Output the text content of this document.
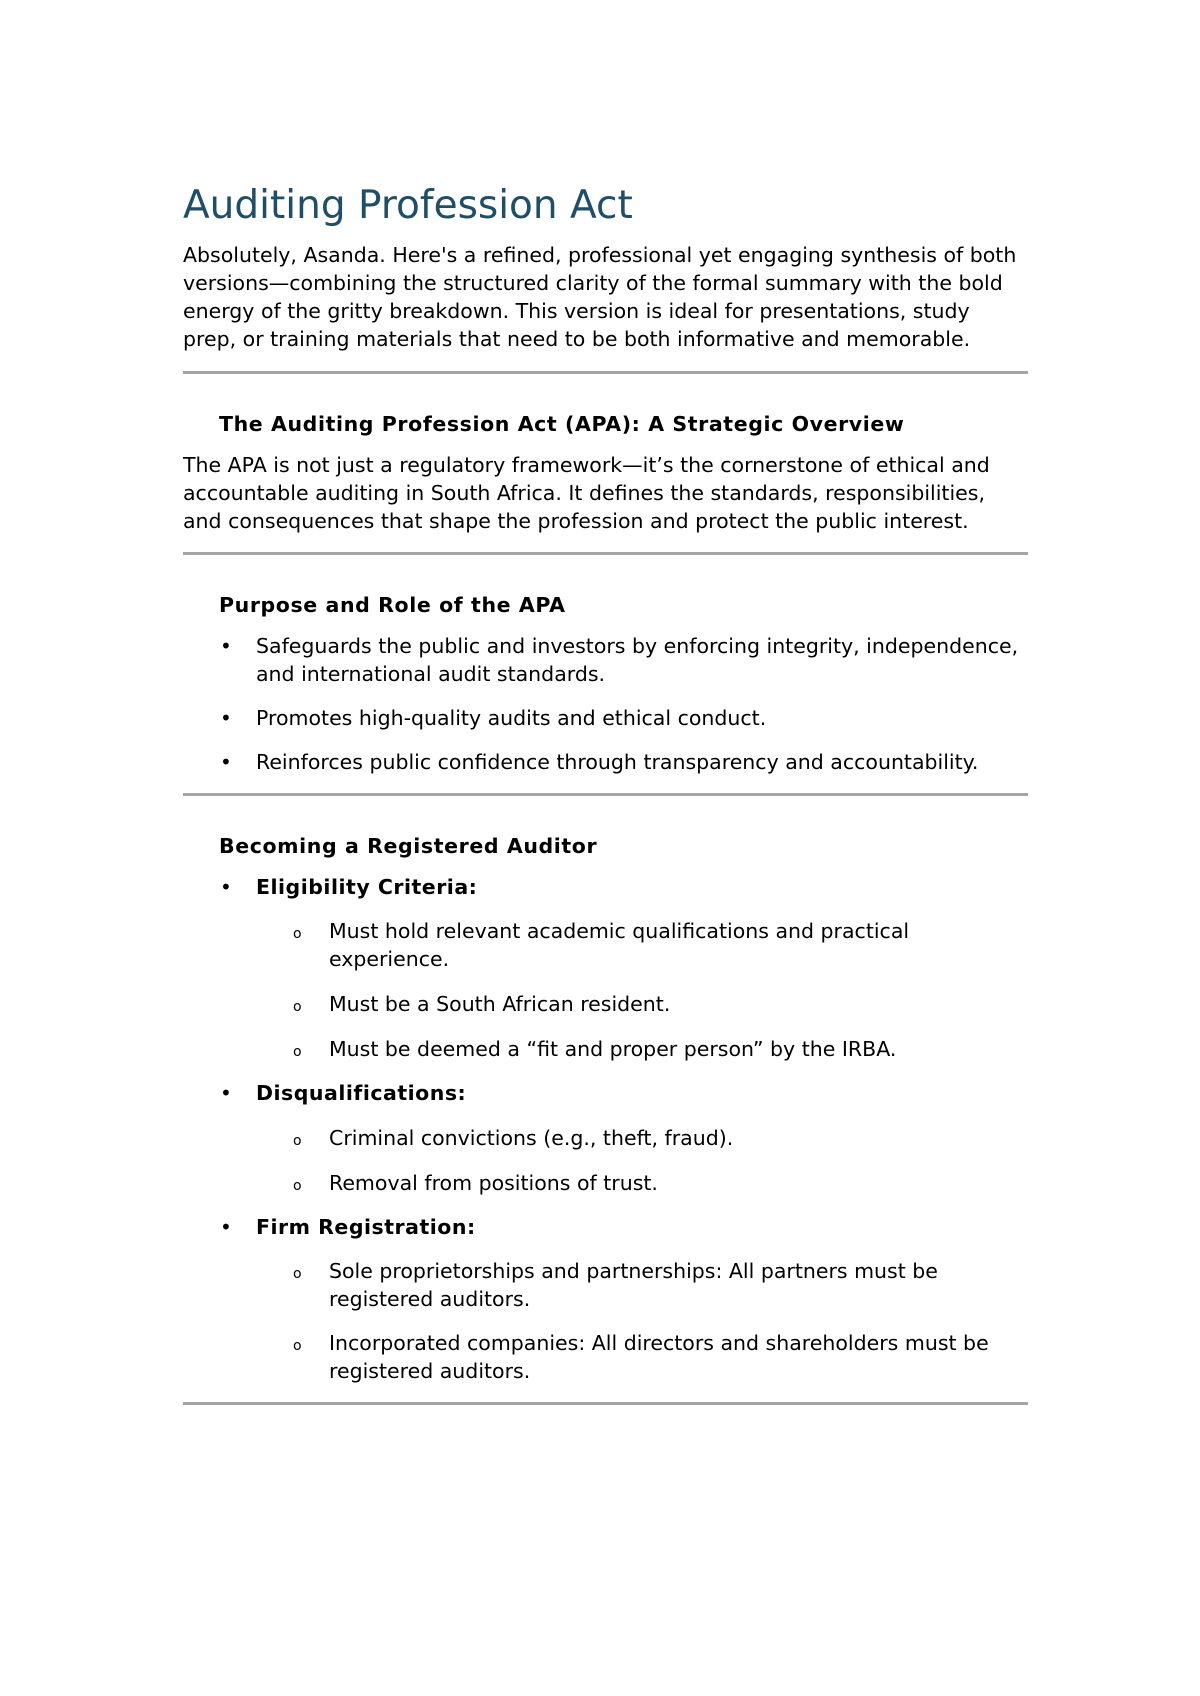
Auditing Profession Act

Absolutely, Asanda. Here's a refined, professional yet engaging synthesis of both versions—combining the structured clarity of the formal summary with the bold energy of the gritty breakdown. This version is ideal for presentations, study prep, or training materials that need to be both informative and memorable.

The Auditing Profession Act (APA): A Strategic Overview

The APA is not just a regulatory framework—it’s the cornerstone of ethical and accountable auditing in South Africa. It defines the standards, responsibilities, and consequences that shape the profession and protect the public interest.

Purpose and Role of the APA
• Safeguards the public and investors by enforcing integrity, independence, and international audit standards.
• Promotes high-quality audits and ethical conduct.
• Reinforces public confidence through transparency and accountability.
Becoming a Registered Auditor
• Eligibility Criteria:
o Must hold relevant academic qualifications and practical experience.
o Must be a South African resident.
o Must be deemed a “fit and proper person” by the IRBA.
• Disqualifications:
o Criminal convictions (e.g., theft, fraud).
o Removal from positions of trust.
• Firm Registration:
o Sole proprietorships and partnerships: All partners must be registered auditors.
o Incorporated companies: All directors and shareholders must be registered auditors.
